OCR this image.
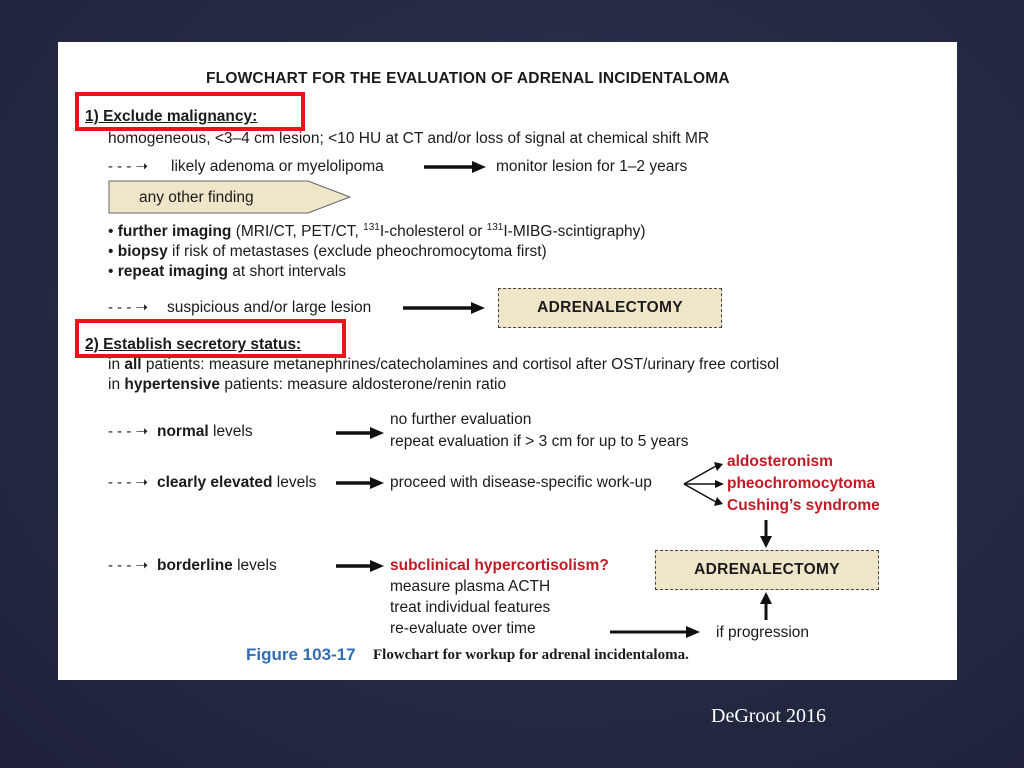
FLOWCHART FOR THE EVALUATION OF ADRENAL INCIDENTALOMA
1) Exclude malignancy:
homogeneous, <3–4 cm lesion; <10 HU at CT and/or loss of signal at chemical shift MR
- - - ➝ likely adenoma or myelolipoma	monitor lesion for 1–2 years
any other finding
• further imaging (MRI/CT, PET/CT, $^{131}$I-cholesterol or $^{131}$I-MIBG-scintigraphy)
• biopsy if risk of metastases (exclude pheochromocytoma first)
• repeat imaging at short intervals
- - - ➝ suspicious and/or large lesion	ADRENALECTOMY
2) Establish secretory status:
in all patients: measure metanephrines/catecholamines and cortisol after OST/urinary free cortisol
in hypertensive patients: measure aldosterone/renin ratio
- - - ➝ normal levels
no further evaluation
repeat evaluation if > 3 cm for up to 5 years
- - - ➝ clearly elevated levels	proceed with disease-specific work-up
aldosteronism
pheochromocytoma
Cushing’s syndrome
- - - ➝ borderline levels	subclinical hypercortisolism?
measure plasma ACTH
treat individual features
re-evaluate over time
ADRENALECTOMY
if progression
Figure 103-17 Flowchart for workup for adrenal incidentaloma.
DeGroot 2016
